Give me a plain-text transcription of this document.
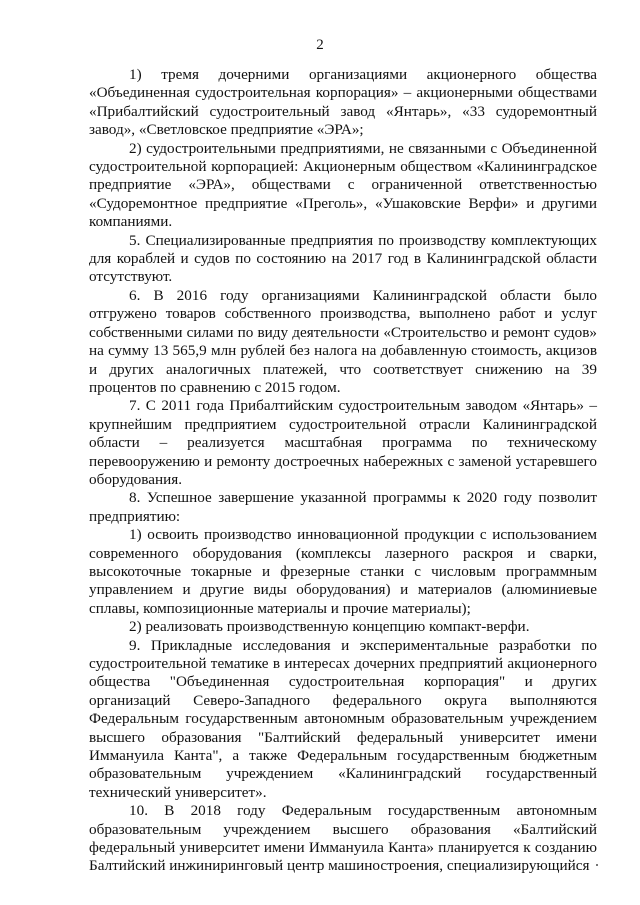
2

1) тремя дочерними организациями акционерного общества «Объединенная судостроительная корпорация» – акционерными обществами «Прибалтийский судостроительный завод «Янтарь», «33 судоремонтный завод», «Светловское предприятие «ЭРА»;

2) судостроительными предприятиями, не связанными с Объединенной судостроительной корпорацией: Акционерным обществом «Калининградское предприятие «ЭРА», обществами с ограниченной ответственностью «Судоремонтное предприятие «Преголь», «Ушаковские Верфи» и другими компаниями.

5. Специализированные предприятия по производству комплектующих для кораблей и судов по состоянию на 2017 год в Калининградской области отсутствуют.

6. В 2016 году организациями Калининградской области было отгружено товаров собственного производства, выполнено работ и услуг собственными силами по виду деятельности «Строительство и ремонт судов» на сумму 13 565,9 млн рублей без налога на добавленную стоимость, акцизов и других аналогичных платежей, что соответствует снижению на 39 процентов по сравнению с 2015 годом.

7. С 2011 года Прибалтийским судостроительным заводом «Янтарь» – крупнейшим предприятием судостроительной отрасли Калининградской области – реализуется масштабная программа по техническому перевооружению и ремонту достроечных набережных с заменой устаревшего оборудования.

8. Успешное завершение указанной программы к 2020 году позволит предприятию:

1) освоить производство инновационной продукции с использованием современного оборудования (комплексы лазерного раскроя и сварки, высокоточные токарные и фрезерные станки с числовым программным управлением и другие виды оборудования) и материалов (алюминиевые сплавы, композиционные материалы и прочие материалы);

2) реализовать производственную концепцию компакт-верфи.

9. Прикладные исследования и экспериментальные разработки по судостроительной тематике в интересах дочерних предприятий акционерного общества "Объединенная судостроительная корпорация" и других организаций Северо-Западного федерального округа выполняются Федеральным государственным автономным образовательным учреждением высшего образования "Балтийский федеральный университет имени Иммануила Канта", а также Федеральным государственным бюджетным образовательным учреждением «Калининградский государственный технический университет».

10. В 2018 году Федеральным государственным автономным образовательным учреждением высшего образования «Балтийский федеральный университет имени Иммануила Канта» планируется к созданию Балтийский инжиниринговый центр машиностроения, специализирующийся
